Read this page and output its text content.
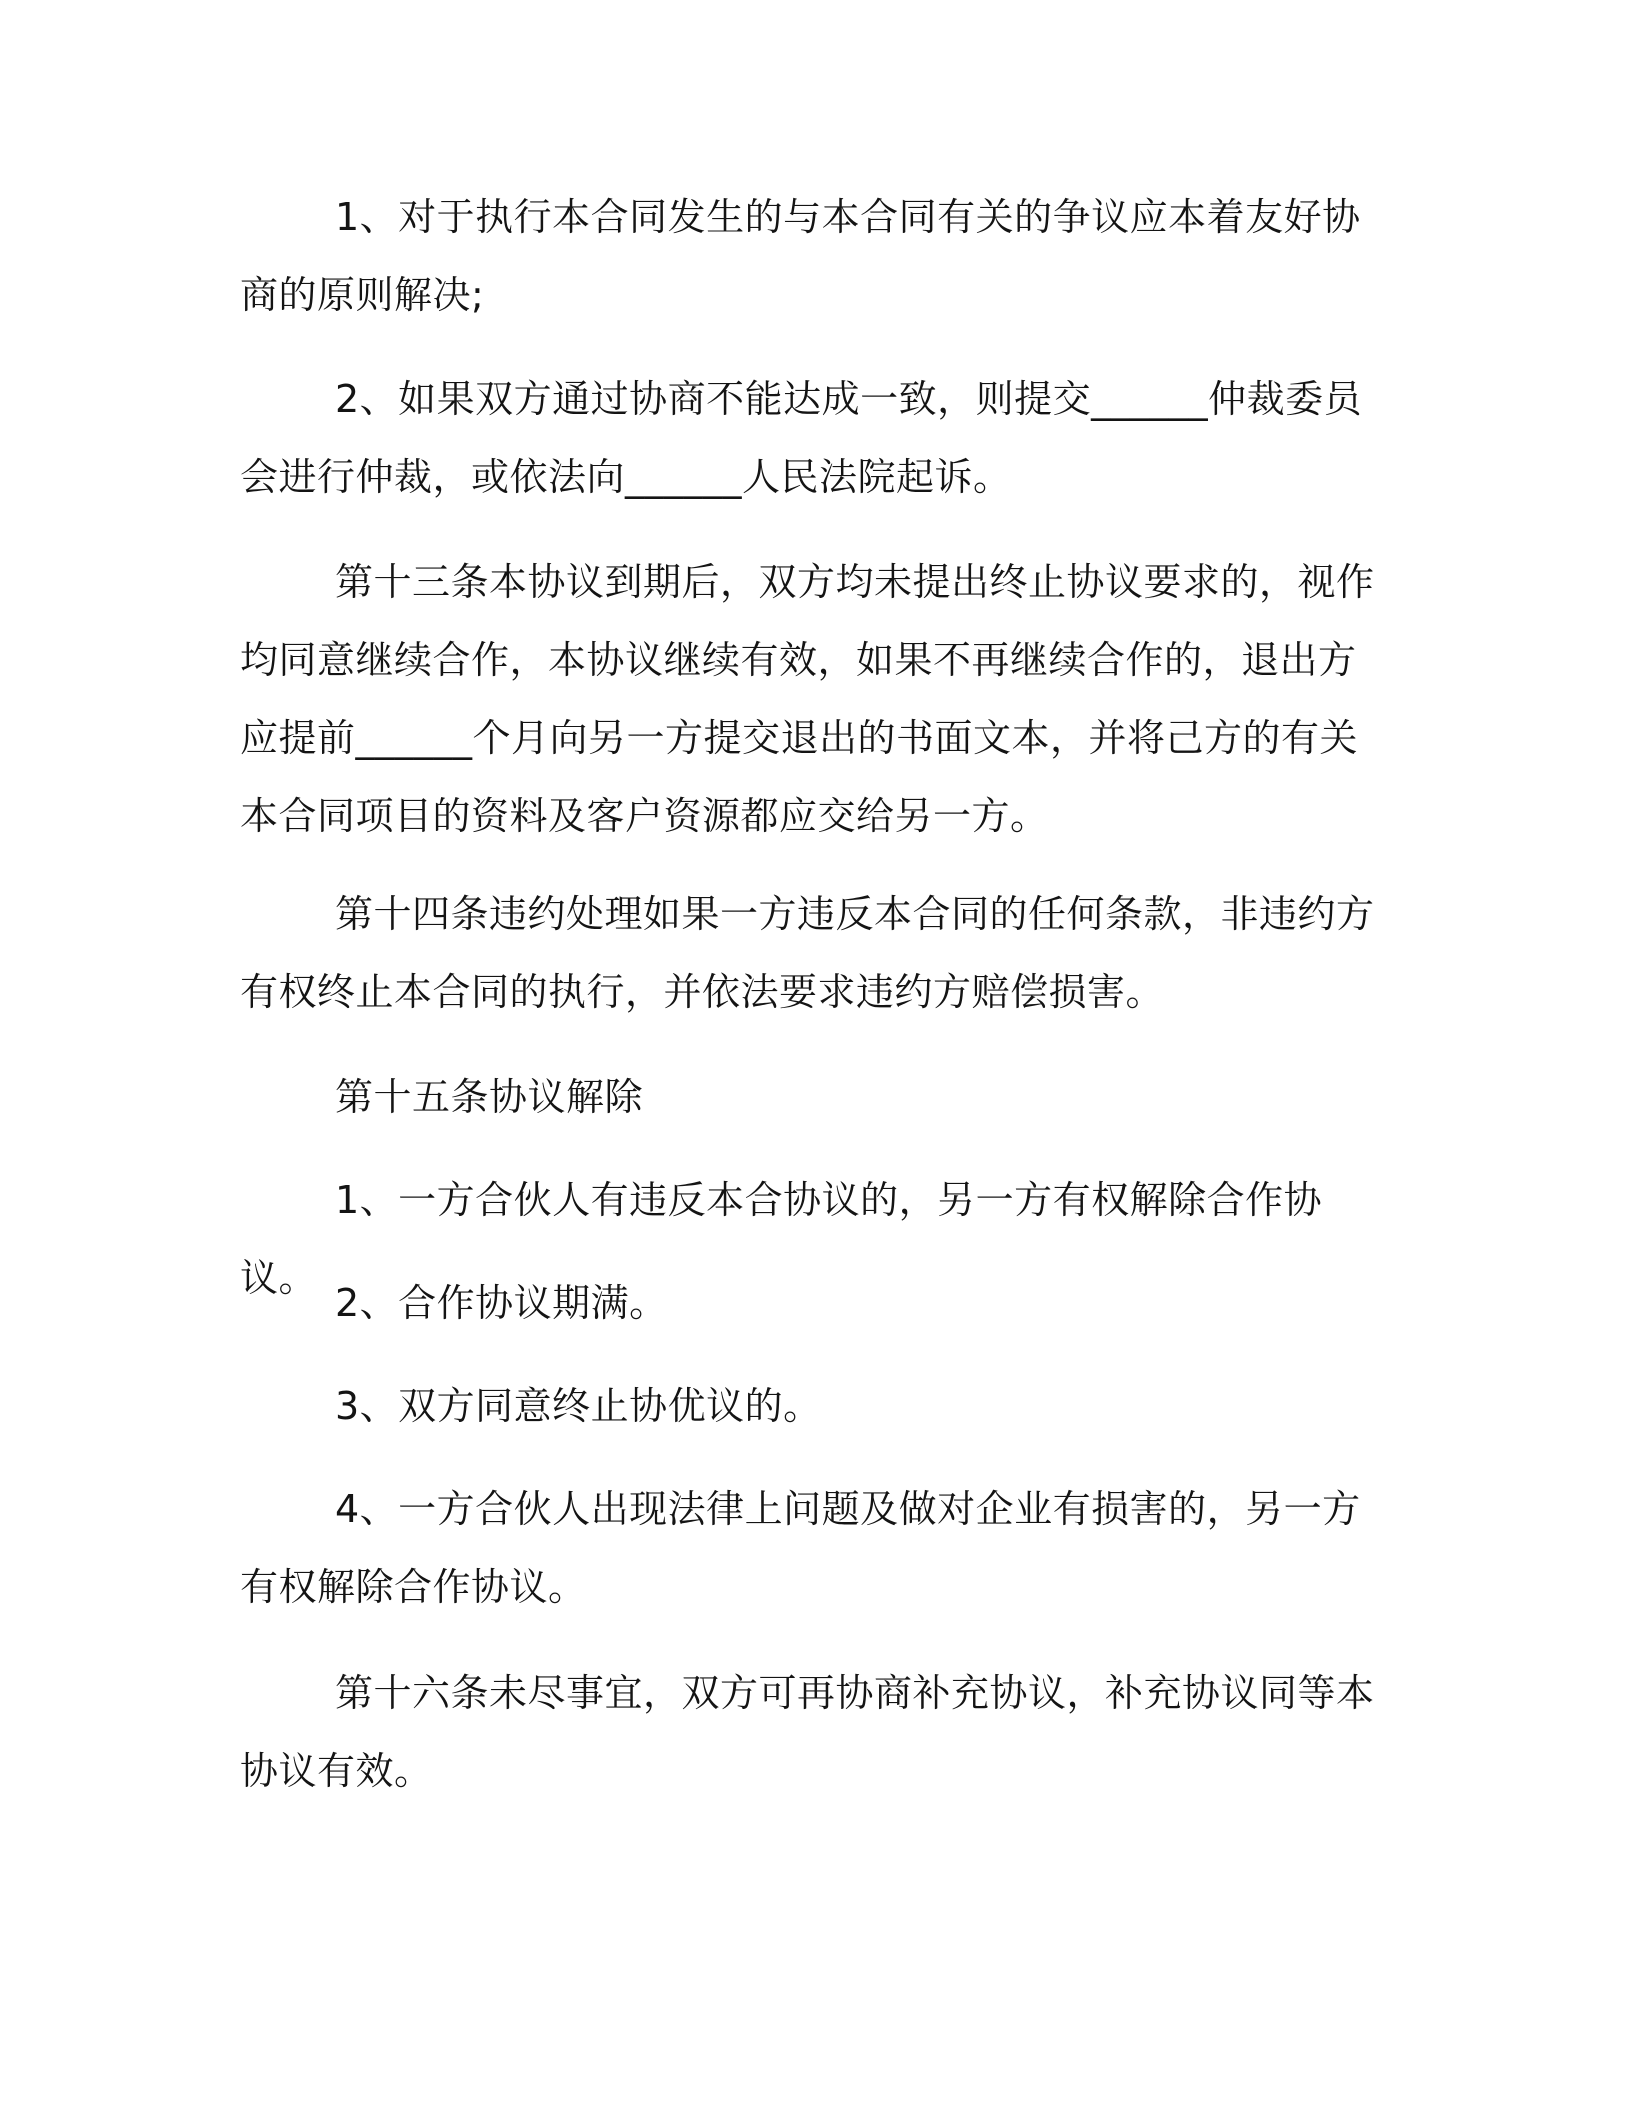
1、对于执行本合同发生的与本合同有关的争议应本着友好协商的原则解决;

2、如果双方通过协商不能达成一致，则提交______仲裁委员会进行仲裁，或依法向______人民法院起诉。

第十三条本协议到期后，双方均未提出终止协议要求的，视作均同意继续合作，本协议继续有效，如果不再继续合作的，退出方应提前______个月向另一方提交退出的书面文本，并将己方的有关本合同项目的资料及客户资源都应交给另一方。

第十四条违约处理如果一方违反本合同的任何条款，非违约方有权终止本合同的执行，并依法要求违约方赔偿损害。

第十五条协议解除

1、一方合伙人有违反本合协议的，另一方有权解除合作协议。

2、合作协议期满。

3、双方同意终止协优议的。

4、一方合伙人出现法律上问题及做对企业有损害的，另一方有权解除合作协议。

第十六条未尽事宜，双方可再协商补充协议，补充协议同等本协议有效。
